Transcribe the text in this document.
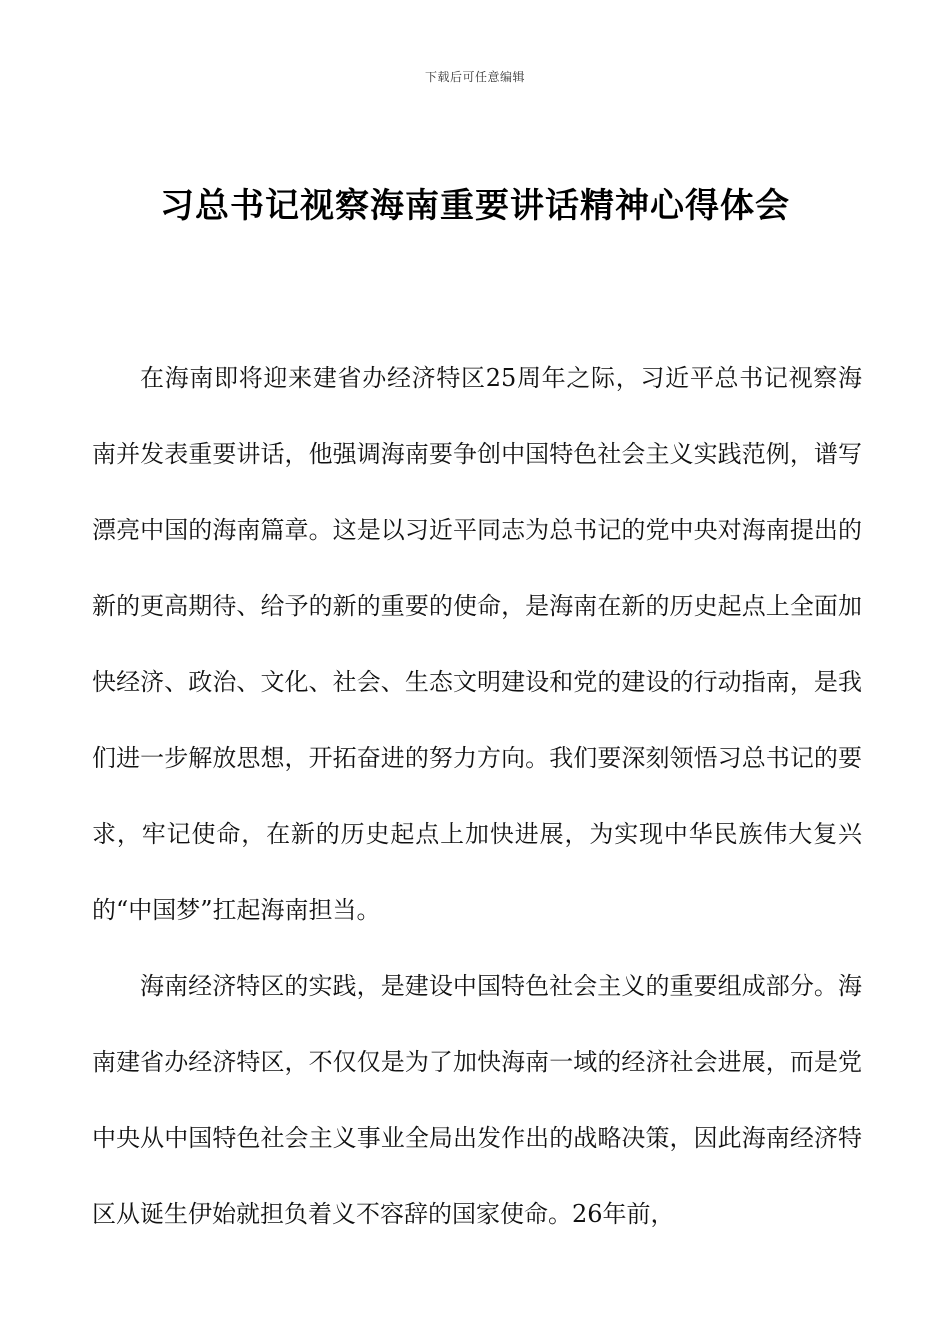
下载后可任意编辑
习总书记视察海南重要讲话精神心得体会

在海南即将迎来建省办经济特区25周年之际，习近平总书记视察海南并发表重要讲话，他强调海南要争创中国特色社会主义实践范例，谱写漂亮中国的海南篇章。这是以习近平同志为总书记的党中央对海南提出的新的更高期待、给予的新的重要的使命，是海南在新的历史起点上全面加快经济、政治、文化、社会、生态文明建设和党的建设的行动指南，是我们进一步解放思想，开拓奋进的努力方向。我们要深刻领悟习总书记的要求，牢记使命，在新的历史起点上加快进展，为实现中华民族伟大复兴的“中国梦”扛起海南担当。

海南经济特区的实践，是建设中国特色社会主义的重要组成部分。海南建省办经济特区，不仅仅是为了加快海南一域的经济社会进展，而是党中央从中国特色社会主义事业全局出发作出的战略决策，因此海南经济特区从诞生伊始就担负着义不容辞的国家使命。26年前，
